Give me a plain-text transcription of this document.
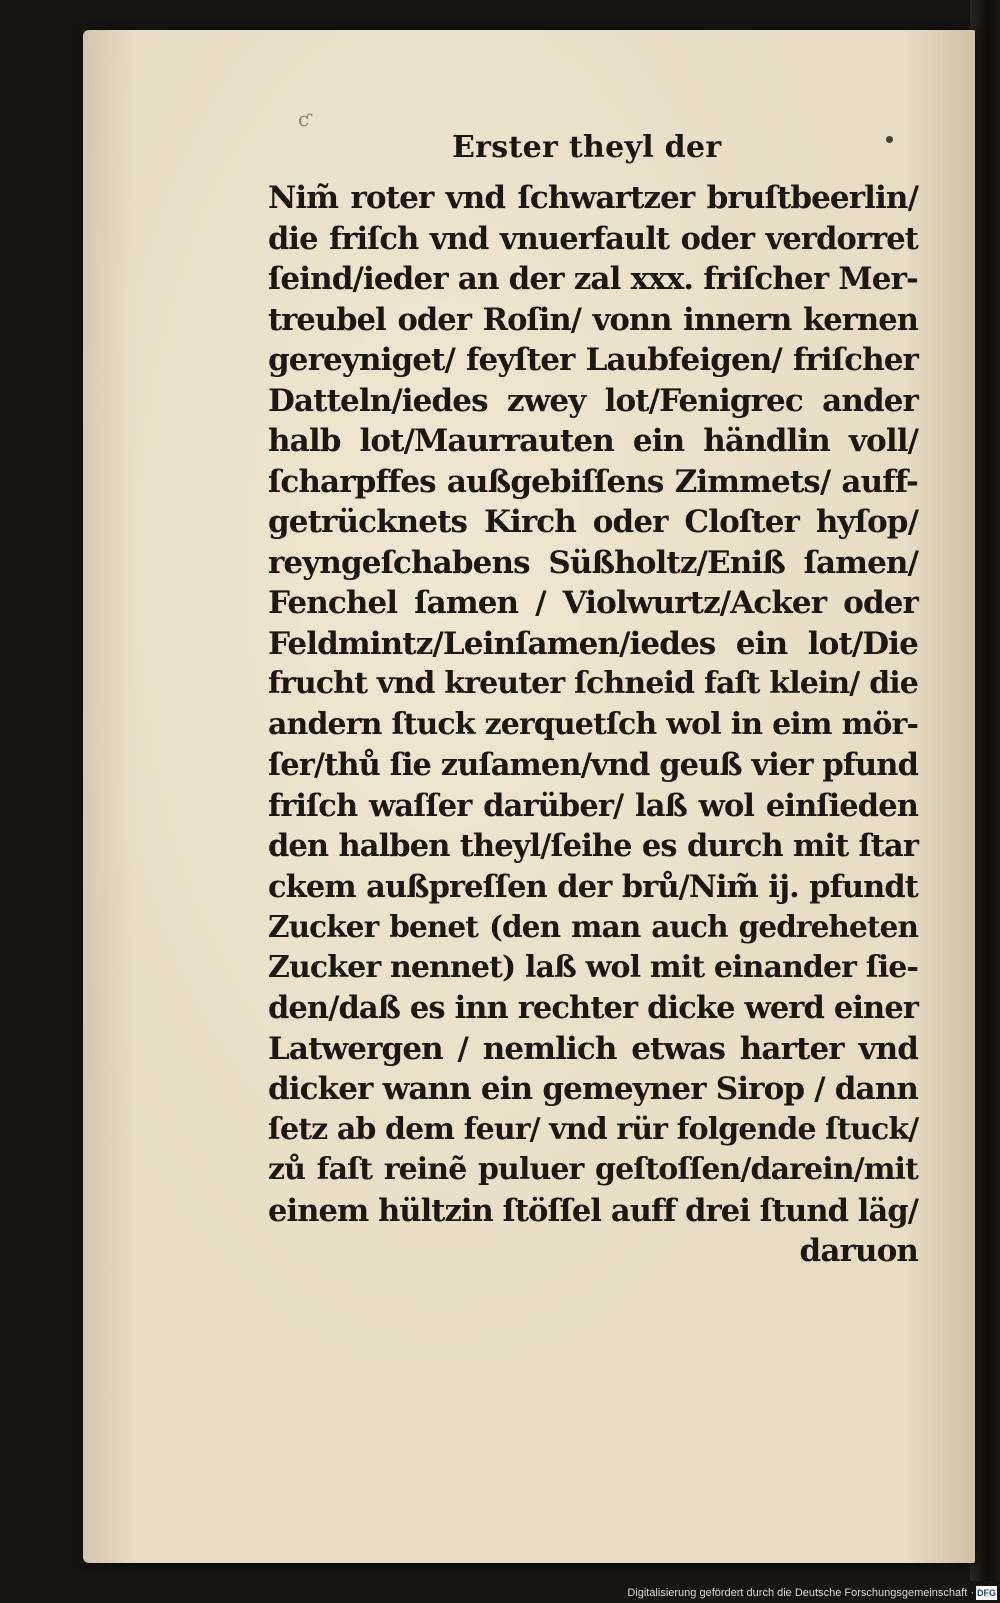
ƈ
Erster theyl der
Nim̃ roter vnd ſchwartzer bruſtbeerlin/
die friſch vnd vnuerfault oder verdorret
ſeind/ieder an der zal xxx. friſcher Mer-
treubel oder Roſin/ vonn innern kernen
gereyniget/ feyſter Laubfeigen/ friſcher
Datteln/iedes zwey lot/Fenigrec ander
halb lot/Maurrauten ein händlin voll/
ſcharpffes außgebiſſens Zimmets/ auff-
getrücknets Kirch oder Cloſter hyſop/
reyngeſchabens Süßholtz/Eniß ſamen/
Fenchel ſamen / Violwurtz/Acker oder
Feldmintz/Leinſamen/iedes ein lot/Die
frucht vnd kreuter ſchneid faſt klein/ die
andern ſtuck zerquetſch wol in eim mör-
ſer/thů ſie zuſamen/vnd geuß vier pfund
friſch waſſer darüber/ laß wol einſieden
den halben theyl/ſeihe es durch mit ſtar
ckem außpreſſen der brů/Nim̃ ij. pfundt
Zucker benet (den man auch gedreheten
Zucker nennet) laß wol mit einander ſie-
den/daß es inn rechter dicke werd einer
Latwergen / nemlich etwas harter vnd
dicker wann ein gemeyner Sirop / dann
ſetz ab dem feur/ vnd rür folgende ſtuck/
zů faſt reinẽ puluer geſtoſſen/darein/mit
einem hültzin ſtöſſel auff drei ſtund läg/
daruon
Digitalisierung gefördert durch die Deutsche Forschungsgemeinschaft · DFG
